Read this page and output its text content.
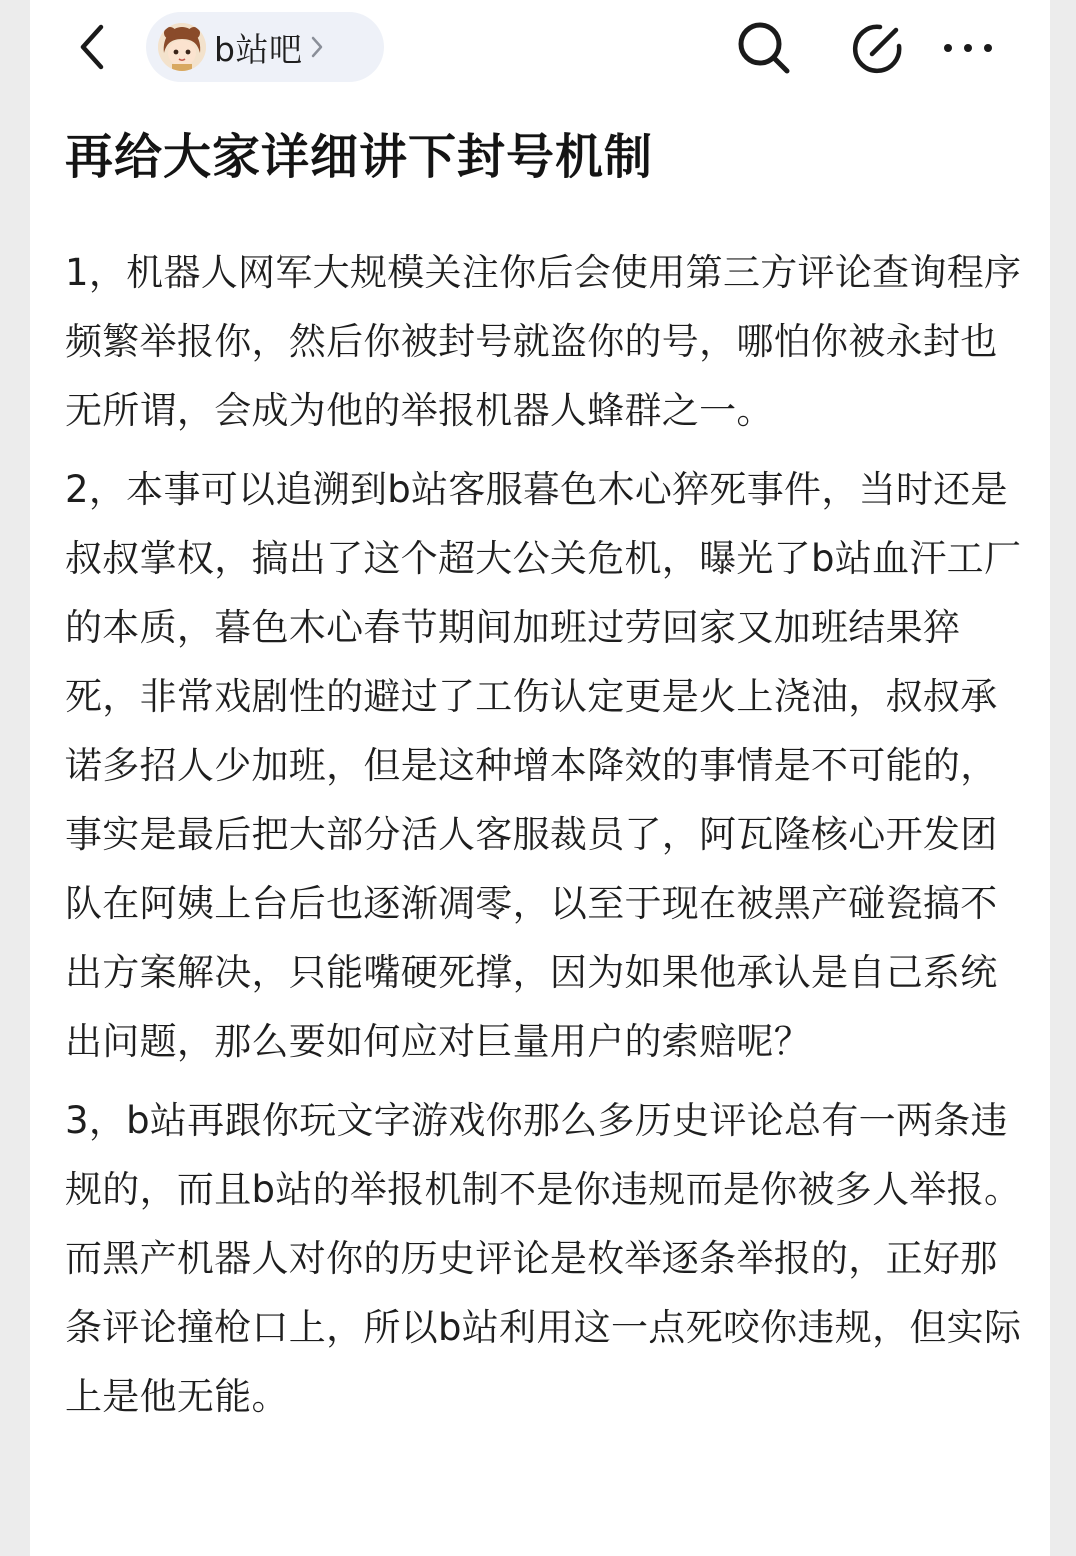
b站吧
再给大家详细讲下封号机制

1，机器人网军大规模关注你后会使用第三方评论查询程序频繁举报你，然后你被封号就盗你的号，哪怕你被永封也无所谓，会成为他的举报机器人蜂群之一。

2，本事可以追溯到b站客服暮色木心猝死事件，当时还是叔叔掌权，搞出了这个超大公关危机，曝光了b站血汗工厂的本质，暮色木心春节期间加班过劳回家又加班结果猝死，非常戏剧性的避过了工伤认定更是火上浇油，叔叔承诺多招人少加班，但是这种增本降效的事情是不可能的，事实是最后把大部分活人客服裁员了，阿瓦隆核心开发团队在阿姨上台后也逐渐凋零，以至于现在被黑产碰瓷搞不出方案解决，只能嘴硬死撑，因为如果他承认是自己系统出问题，那么要如何应对巨量用户的索赔呢？

3，b站再跟你玩文字游戏你那么多历史评论总有一两条违规的，而且b站的举报机制不是你违规而是你被多人举报。而黑产机器人对你的历史评论是枚举逐条举报的，正好那条评论撞枪口上，所以b站利用这一点死咬你违规，但实际上是他无能。
